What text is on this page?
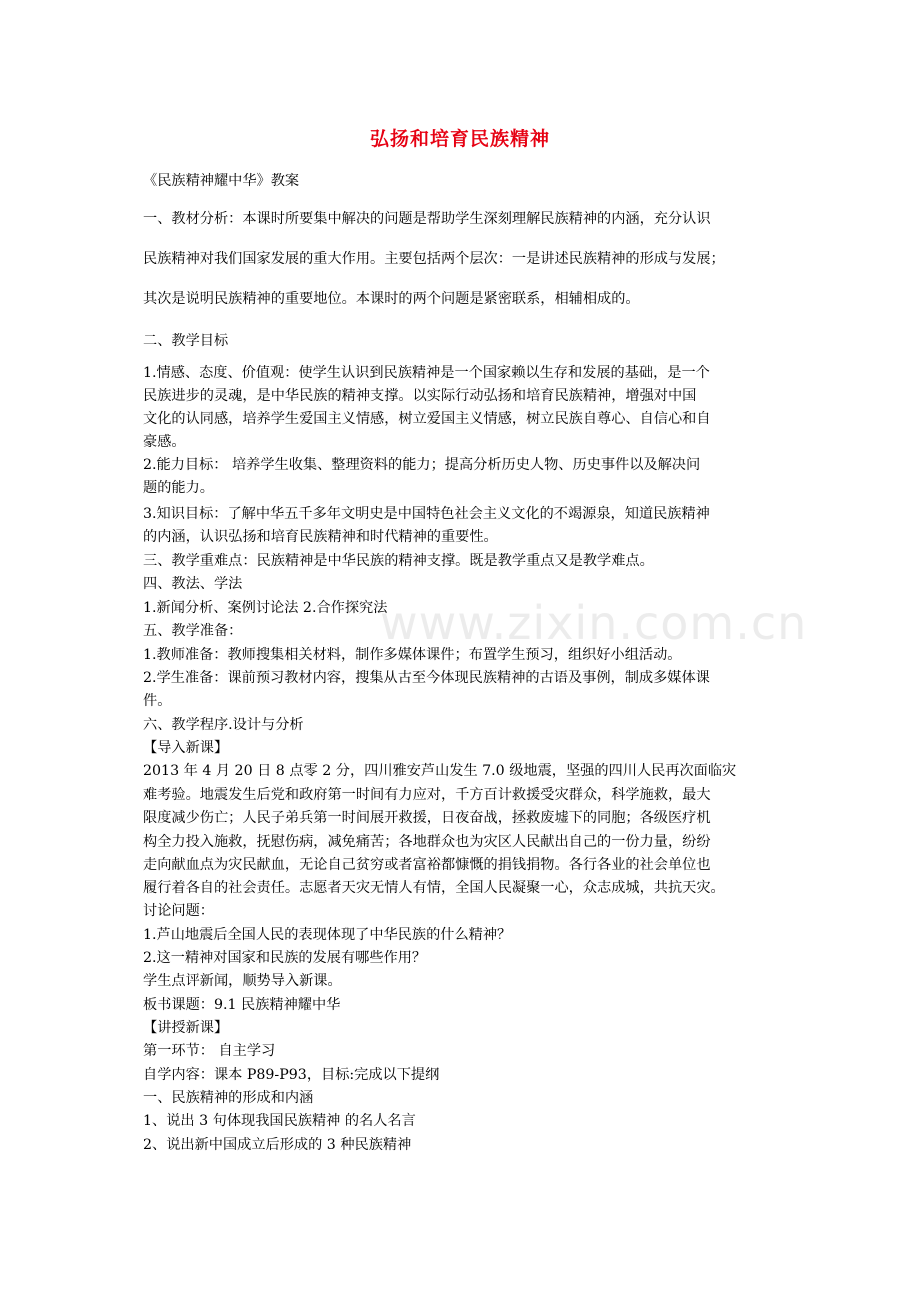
弘扬和培育民族精神
www.zixin.com.cn
《民族精神耀中华》教案
一、教材分析：本课时所要集中解决的问题是帮助学生深刻理解民族精神的内涵，充分认识
民族精神对我们国家发展的重大作用。主要包括两个层次：一是讲述民族精神的形成与发展；
其次是说明民族精神的重要地位。本课时的两个问题是紧密联系，相辅相成的。
二、教学目标
1.情感、态度、价值观：使学生认识到民族精神是一个国家赖以生存和发展的基础，是一个
民族进步的灵魂，是中华民族的精神支撑。以实际行动弘扬和培育民族精神，增强对中国
文化的认同感，培养学生爱国主义情感，树立爱国主义情感，树立民族自尊心、自信心和自
豪感。
2.能力目标： 培养学生收集、整理资料的能力；提高分析历史人物、历史事件以及解决问
题的能力。
3.知识目标：了解中华五千多年文明史是中国特色社会主义文化的不竭源泉，知道民族精神
的内涵，认识弘扬和培育民族精神和时代精神的重要性。
三、教学重难点：民族精神是中华民族的精神支撑。既是教学重点又是教学难点。
四、教法、学法
1.新闻分析、案例讨论法 2.合作探究法
五、教学准备：
1.教师准备：教师搜集相关材料，制作多媒体课件；布置学生预习，组织好小组活动。
2.学生准备：课前预习教材内容，搜集从古至今体现民族精神的古语及事例，制成多媒体课
件。
六、教学程序.设计与分析
【导入新课】
2013 年 4 月 20 日 8 点零 2 分，四川雅安芦山发生 7.0 级地震，坚强的四川人民再次面临灾
难考验。地震发生后党和政府第一时间有力应对，千方百计救援受灾群众，科学施救，最大
限度减少伤亡；人民子弟兵第一时间展开救援，日夜奋战，拯救废墟下的同胞；各级医疗机
构全力投入施救，抚慰伤病，减免痛苦；各地群众也为灾区人民献出自己的一份力量，纷纷
走向献血点为灾民献血，无论自己贫穷或者富裕都慷慨的捐钱捐物。各行各业的社会单位也
履行着各自的社会责任。志愿者天灾无情人有情，全国人民凝聚一心，众志成城，共抗天灾。
讨论问题：
1.芦山地震后全国人民的表现体现了中华民族的什么精神？
2.这一精神对国家和民族的发展有哪些作用？
学生点评新闻，顺势导入新课。
板书课题：9.1 民族精神耀中华
【讲授新课】
第一环节： 自主学习
自学内容：课本 P89-P93，目标:完成以下提纲
一、民族精神的形成和内涵
1、说出 3 句体现我国民族精神 的名人名言
2、说出新中国成立后形成的 3 种民族精神
